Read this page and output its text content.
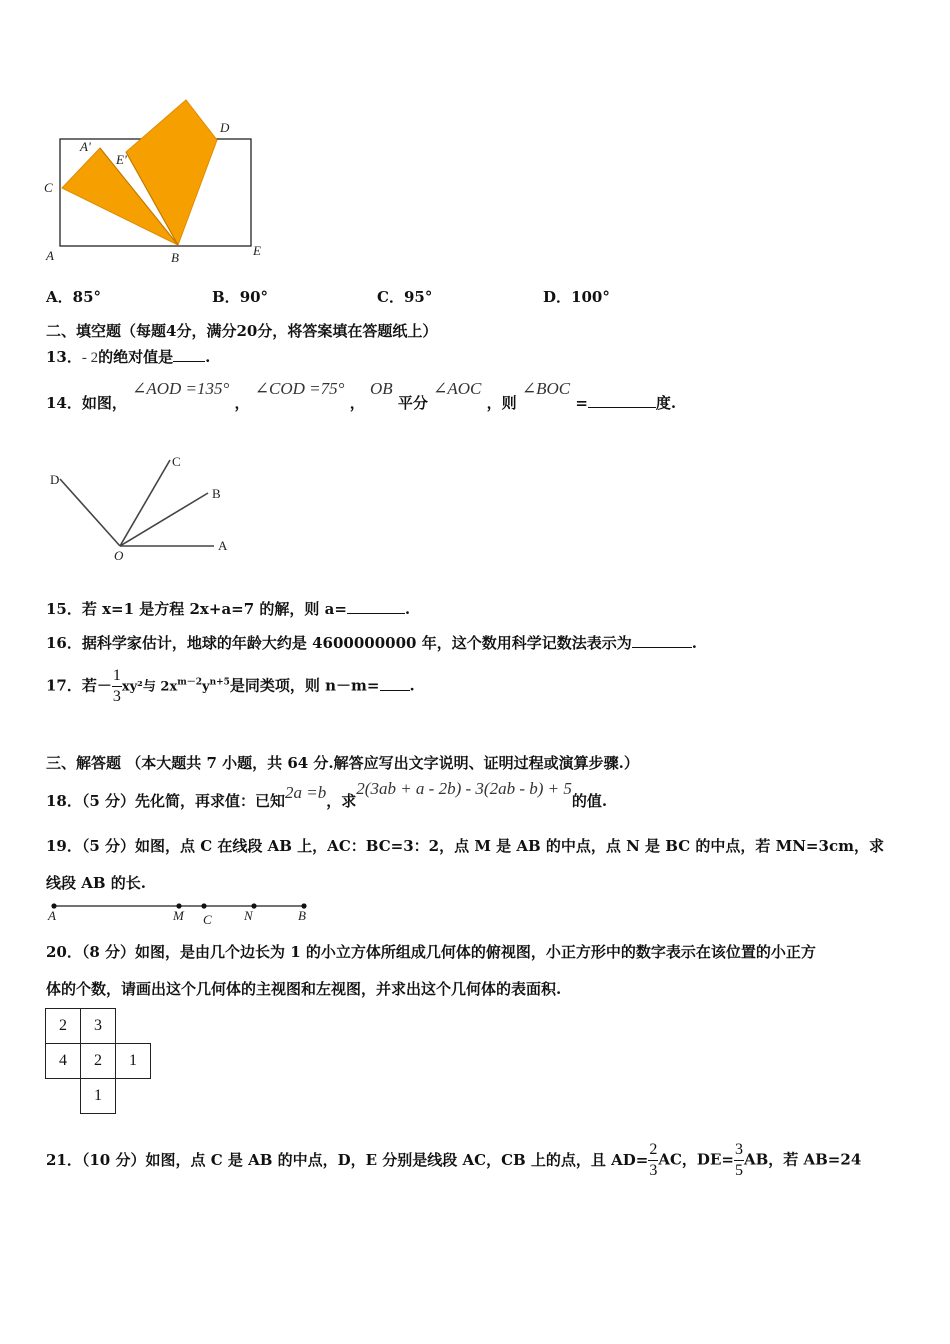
A'
E'
D
C
A	B	E
A．85°	B．90°	C．95°	D．100°
二、填空题（每题4分，满分20分，将答案填在答题纸上）
13．- 2的绝对值是 .
14．如图， ∠AOD =135° ， ∠COD =75° ， OB 平分 ∠AOC ，则 ∠BOC =	度.
D
C
B
O
A
15．若 x=1 是方程 2x+a=7 的解，则 a=	.
16．据科学家估计，地球的年龄大约是 4600000000 年，这个数用科学记数法表示为	.
17．若－ $\frac{1}{3} xy^2$与 $2x^{m-2}y^{n+5}$是同类项，则 n－m= .
三、解答题 （本大题共 7 小题，共 64 分.解答应写出文字说明、证明过程或演算步骤.）
18．（5 分）先化简，再求值：已知2a =b，求2(3ab + a - 2b) - 3(2ab - b) + 5的值.
19．（5 分）如图，点 C 在线段 AB 上，AC：BC=3：2，点 M 是 AB 的中点，点 N 是 BC 的中点，若 MN=3cm，求
线段 AB 的长.
A	M C N	B
20．（8 分）如图，是由几个边长为 1 的小立方体所组成几何体的俯视图，小正方形中的数字表示在该位置的小正方
体的个数，请画出这个几何体的主视图和左视图，并求出这个几何体的表面积.
2	3	
4	2	1
	1	
21．（10 分）如图，点 C 是 AB 的中点，D，E 分别是线段 AC，CB 上的点，且 $AD= \frac{2}{3}$ AC，$DE= \frac{3}{5}$ AB，若 AB=24
